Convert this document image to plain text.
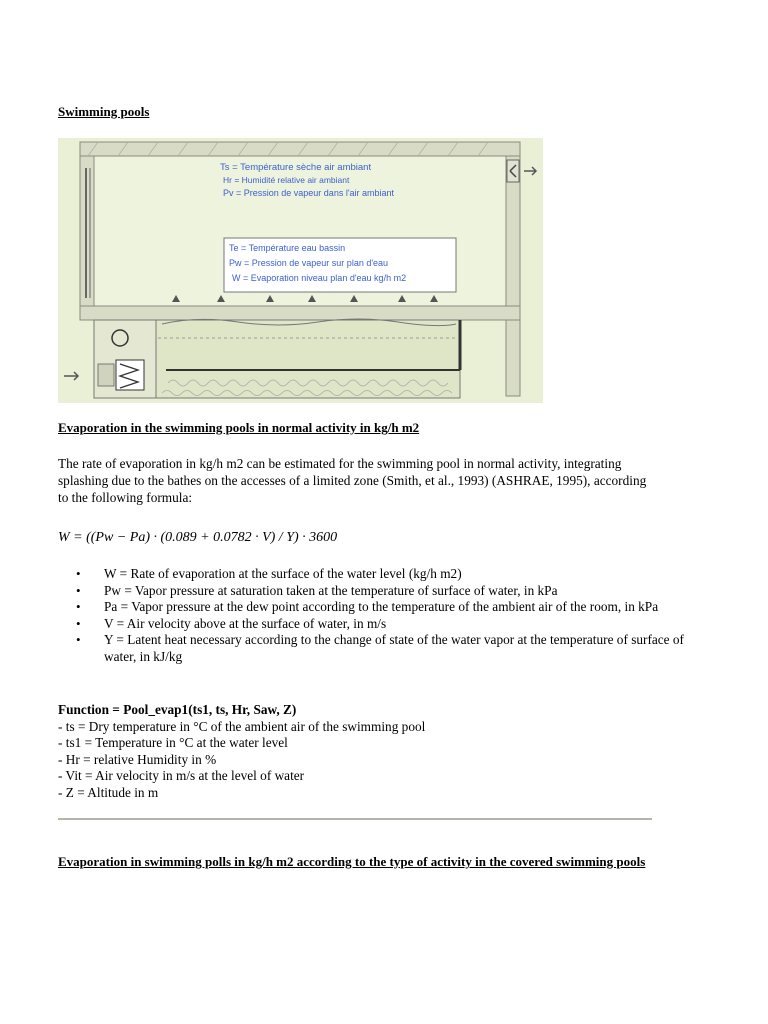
Swimming pools

Ts = Température sèche air ambiant
Hr = Humidité relative air ambiant
Pv = Pression de vapeur dans l'air ambiant
Te = Température eau bassin
Pw = Pression de vapeur sur plan d'eau
W = Evaporation niveau plan d'eau kg/h m2

Evaporation in the swimming pools in normal activity in kg/h m2

The rate of evaporation in kg/h m2 can be estimated for the swimming pool in normal activity, integrating splashing due to the bathes on the accesses of a limited zone (Smith, et al., 1993) (ASHRAE, 1995), according to the following formula:

W = ((Pw − Pa) · (0.089 + 0.0782 · V) / Y) · 3600
• W = Rate of evaporation at the surface of the water level (kg/h m2)
• Pw = Vapor pressure at saturation taken at the temperature of surface of water, in kPa
• Pa = Vapor pressure at the dew point according to the temperature of the ambient air of the room, in kPa
• V = Air velocity above at the surface of water, in m/s
• Y = Latent heat necessary according to the change of state of the water vapor at the temperature of surface of water, in kJ/kg
Function = Pool_evap1(ts1, ts, Hr, Saw, Z)
- ts = Dry temperature in °C of the ambient air of the swimming pool
- ts1 = Temperature in °C at the water level
- Hr = relative Humidity in %
- Vit = Air velocity in m/s at the level of water
- Z = Altitude in m

Evaporation in swimming polls in kg/h m2 according to the type of activity in the covered swimming pools
